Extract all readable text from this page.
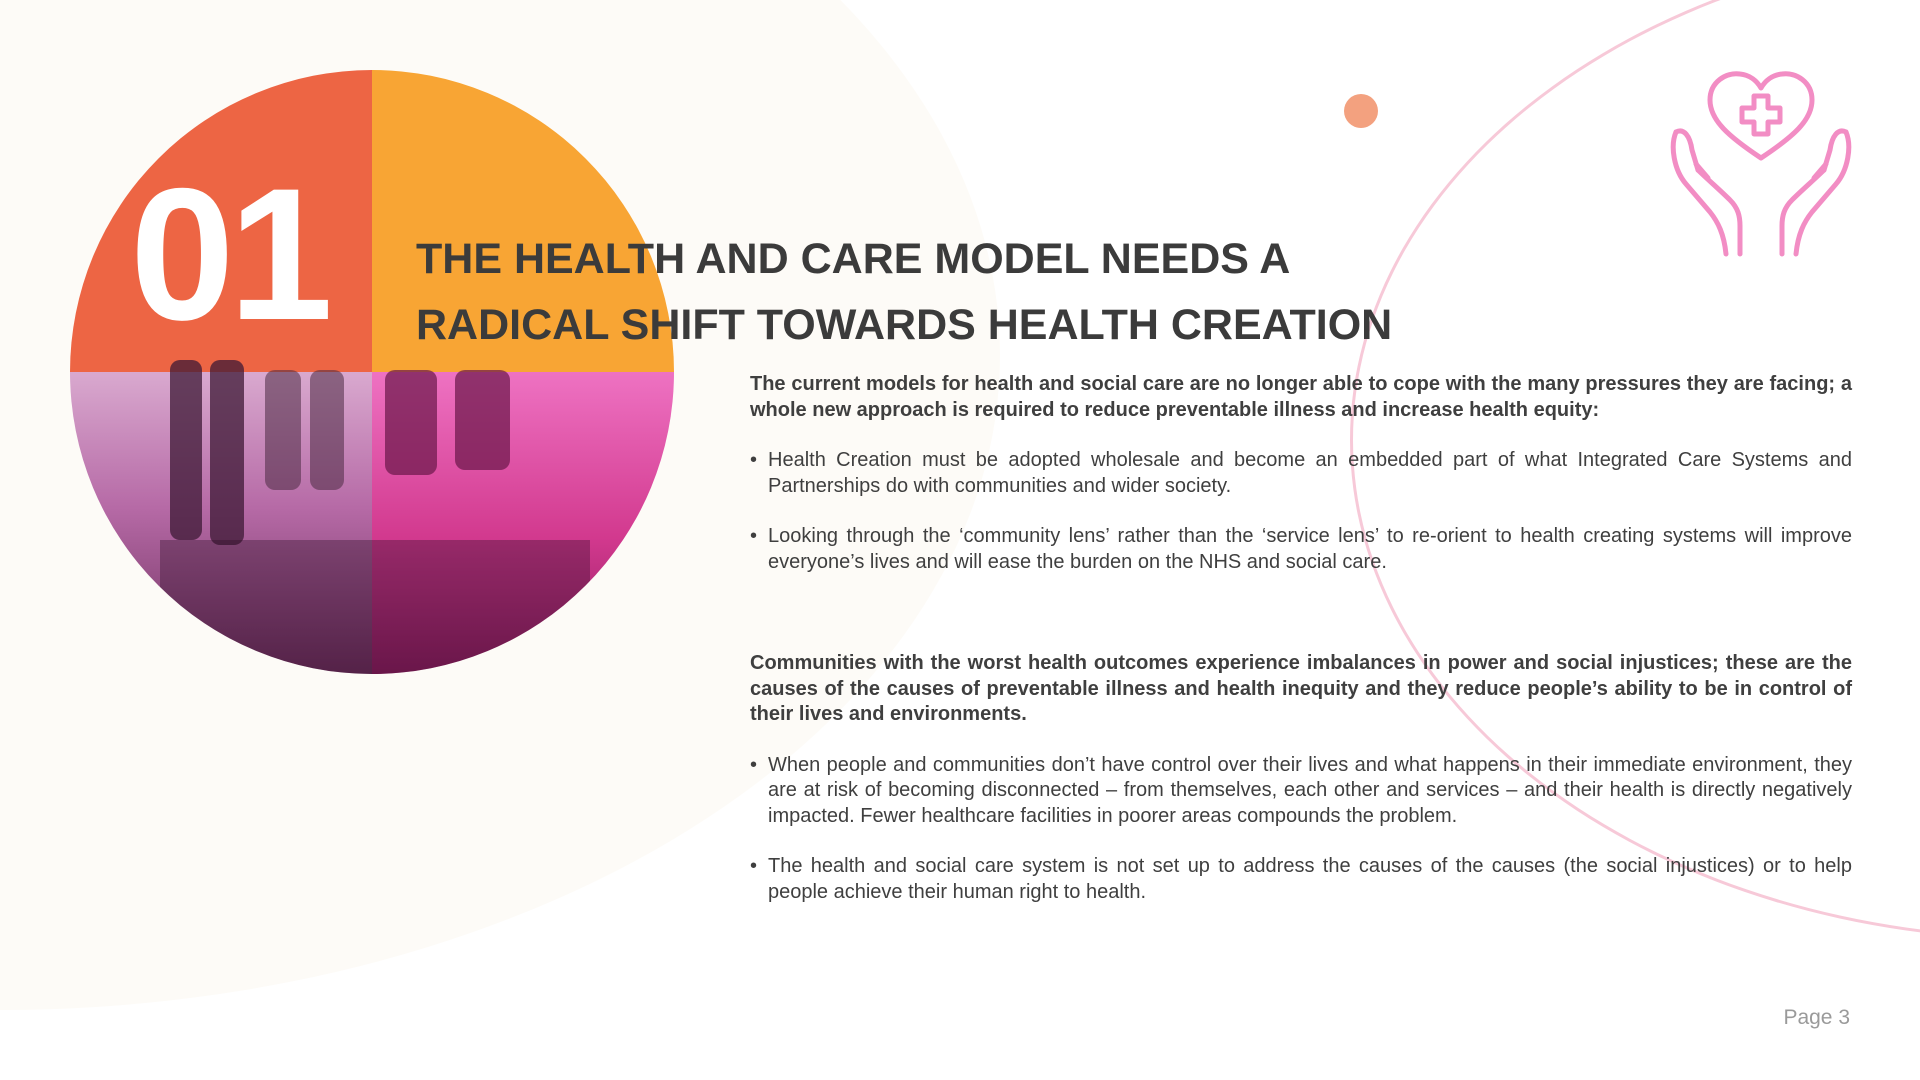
01 THE HEALTH AND CARE MODEL NEEDS A
RADICAL SHIFT TOWARDS HEALTH CREATION

The current models for health and social care are no longer able to cope with the many pressures they are facing; a whole new approach is required to reduce preventable illness and increase health equity:

• Health Creation must be adopted wholesale and become an embedded part of what Integrated Care Systems and Partnerships do with communities and wider society.
• Looking through the ‘community lens’ rather than the ‘service lens’ to re-orient to health creating systems will improve everyone’s lives and will ease the burden on the NHS and social care.

Communities with the worst health outcomes experience imbalances in power and social injustices; these are the causes of the causes of preventable illness and health inequity and they reduce people’s ability to be in control of their lives and environments.

• When people and communities don’t have control over their lives and what happens in their immediate environment, they are at risk of becoming disconnected – from themselves, each other and services – and their health is directly negatively impacted. Fewer healthcare facilities in poorer areas compounds the problem.
• The health and social care system is not set up to address the causes of the causes (the social injustices) or to help people achieve their human right to health.
Page 3
